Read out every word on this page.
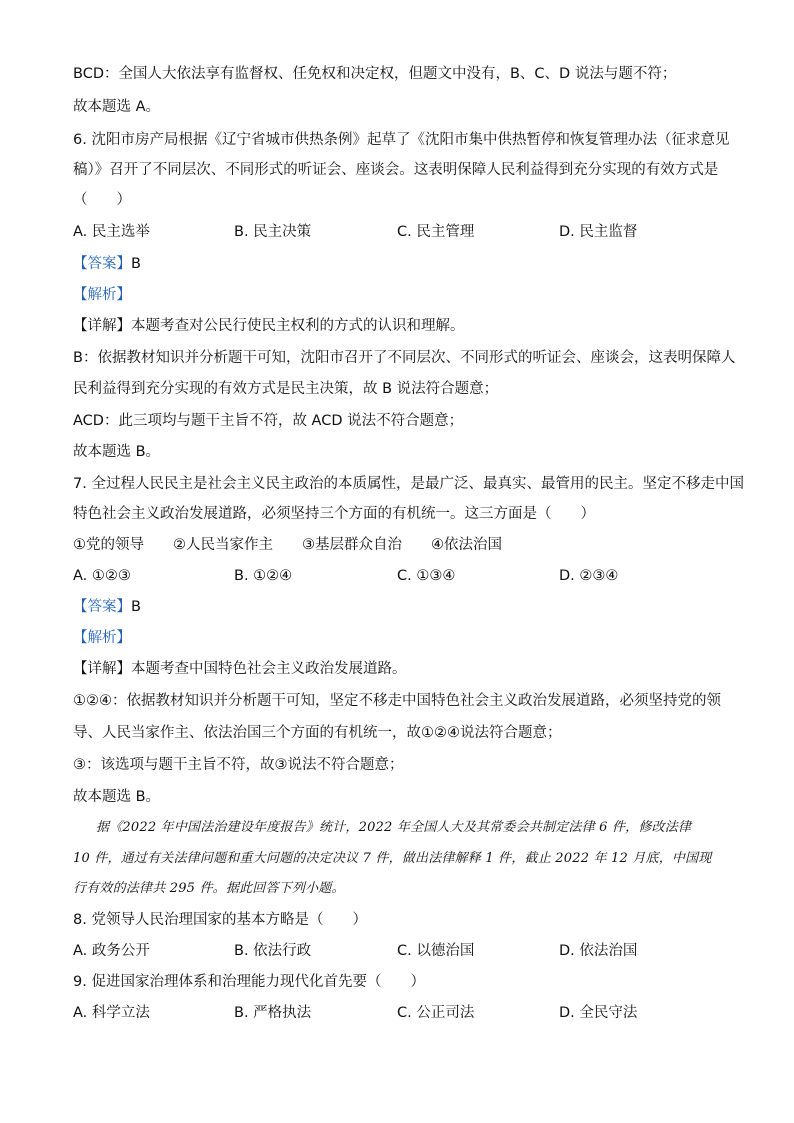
BCD：全国人大依法享有监督权、任免权和决定权，但题文中没有，B、C、D 说法与题不符；
故本题选 A。
6. 沈阳市房产局根据《辽宁省城市供热条例》起草了《沈阳市集中供热暂停和恢复管理办法（征求意见
稿）》召开了不同层次、不同形式的听证会、座谈会。这表明保障人民利益得到充分实现的有效方式是
（　　）
A. 民主选举	B. 民主决策	C. 民主管理	D. 民主监督
【答案】B
【解析】
【详解】本题考查对公民行使民主权利的方式的认识和理解。
B：依据教材知识并分析题干可知，沈阳市召开了不同层次、不同形式的听证会、座谈会，这表明保障人
民利益得到充分实现的有效方式是民主决策，故 B 说法符合题意；
ACD：此三项均与题干主旨不符，故 ACD 说法不符合题意；
故本题选 B。
7. 全过程人民民主是社会主义民主政治的本质属性，是最广泛、最真实、最管用的民主。坚定不移走中国
特色社会主义政治发展道路，必须坚持三个方面的有机统一。这三方面是（　　）
①党的领导　　②人民当家作主　　③基层群众自治　　④依法治国
A. ①②③	B. ①②④	C. ①③④	D. ②③④
【答案】B
【解析】
【详解】本题考查中国特色社会主义政治发展道路。
①②④：依据教材知识并分析题干可知，坚定不移走中国特色社会主义政治发展道路，必须坚持党的领
导、人民当家作主、依法治国三个方面的有机统一，故①②④说法符合题意；
③：该选项与题干主旨不符，故③说法不符合题意；
故本题选 B。
据《2022 年中国法治建设年度报告》统计，2022 年全国人大及其常委会共制定法律 6 件，修改法律
10 件，通过有关法律问题和重大问题的决定决议 7 件，做出法律解释 1 件，截止 2022 年 12 月底，中国现
行有效的法律共 295 件。据此回答下列小题。
8. 党领导人民治理国家的基本方略是（　　）
A. 政务公开	B. 依法行政	C. 以德治国	D. 依法治国
9. 促进国家治理体系和治理能力现代化首先要（　　）
A. 科学立法	B. 严格执法	C. 公正司法	D. 全民守法
